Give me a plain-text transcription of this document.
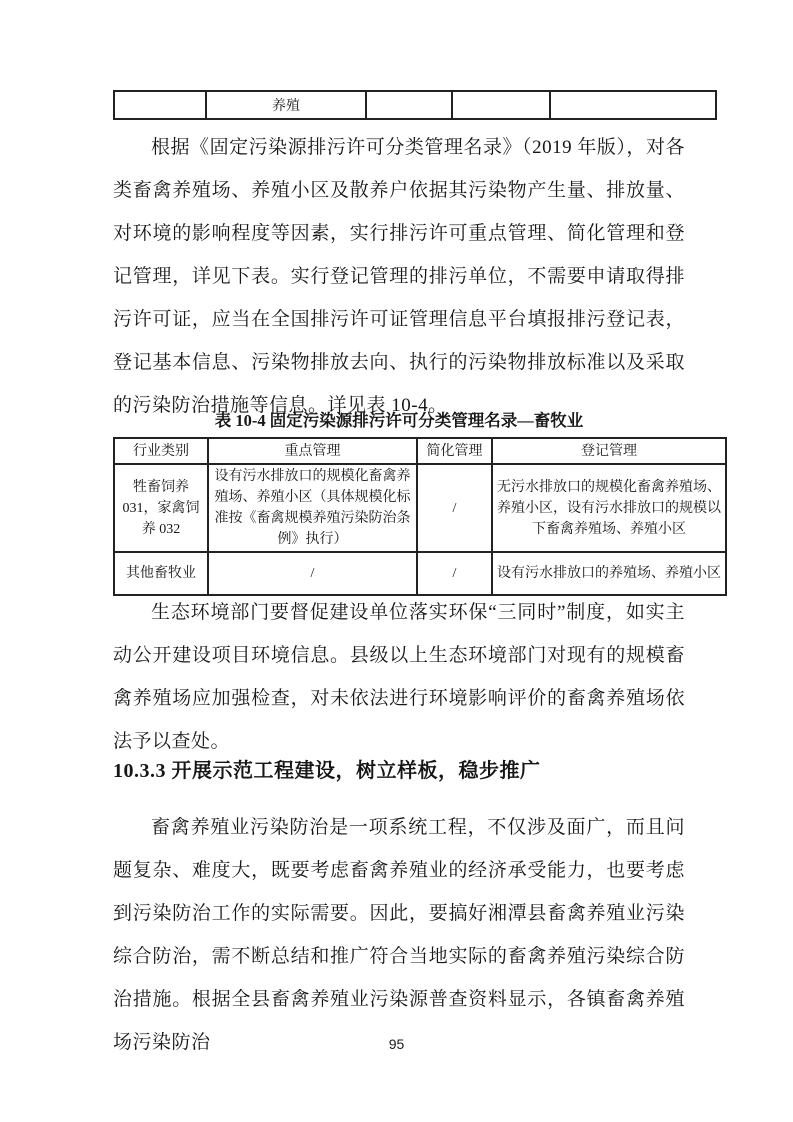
	养殖			
根据《固定污染源排污许可分类管理名录》（2019 年版），对各类畜禽养殖场、养殖小区及散养户依据其污染物产生量、排放量、对环境的影响程度等因素，实行排污许可重点管理、简化管理和登记管理，详见下表。实行登记管理的排污单位，不需要申请取得排污许可证，应当在全国排污许可证管理信息平台填报排污登记表，登记基本信息、污染物排放去向、执行的污染物排放标准以及采取的污染防治措施等信息。详见表 10-4。
表 10-4 固定污染源排污许可分类管理名录—畜牧业
行业类别	重点管理	简化管理	登记管理
牲畜饲养 031，家禽饲养 032	设有污水排放口的规模化畜禽养殖场、养殖小区（具体规模化标准按《畜禽规模养殖污染防治条例》执行）	/	无污水排放口的规模化畜禽养殖场、养殖小区，设有污水排放口的规模以下畜禽养殖场、养殖小区
其他畜牧业	/	/	设有污水排放口的养殖场、养殖小区
生态环境部门要督促建设单位落实环保“三同时”制度，如实主动公开建设项目环境信息。县级以上生态环境部门对现有的规模畜禽养殖场应加强检查，对未依法进行环境影响评价的畜禽养殖场依法予以查处。
10.3.3 开展示范工程建设，树立样板，稳步推广
畜禽养殖业污染防治是一项系统工程，不仅涉及面广，而且问题复杂、难度大，既要考虑畜禽养殖业的经济承受能力，也要考虑到污染防治工作的实际需要。因此，要搞好湘潭县畜禽养殖业污染综合防治，需不断总结和推广符合当地实际的畜禽养殖污染综合防治措施。根据全县畜禽养殖业污染源普查资料显示，各镇畜禽养殖场污染防治	95
